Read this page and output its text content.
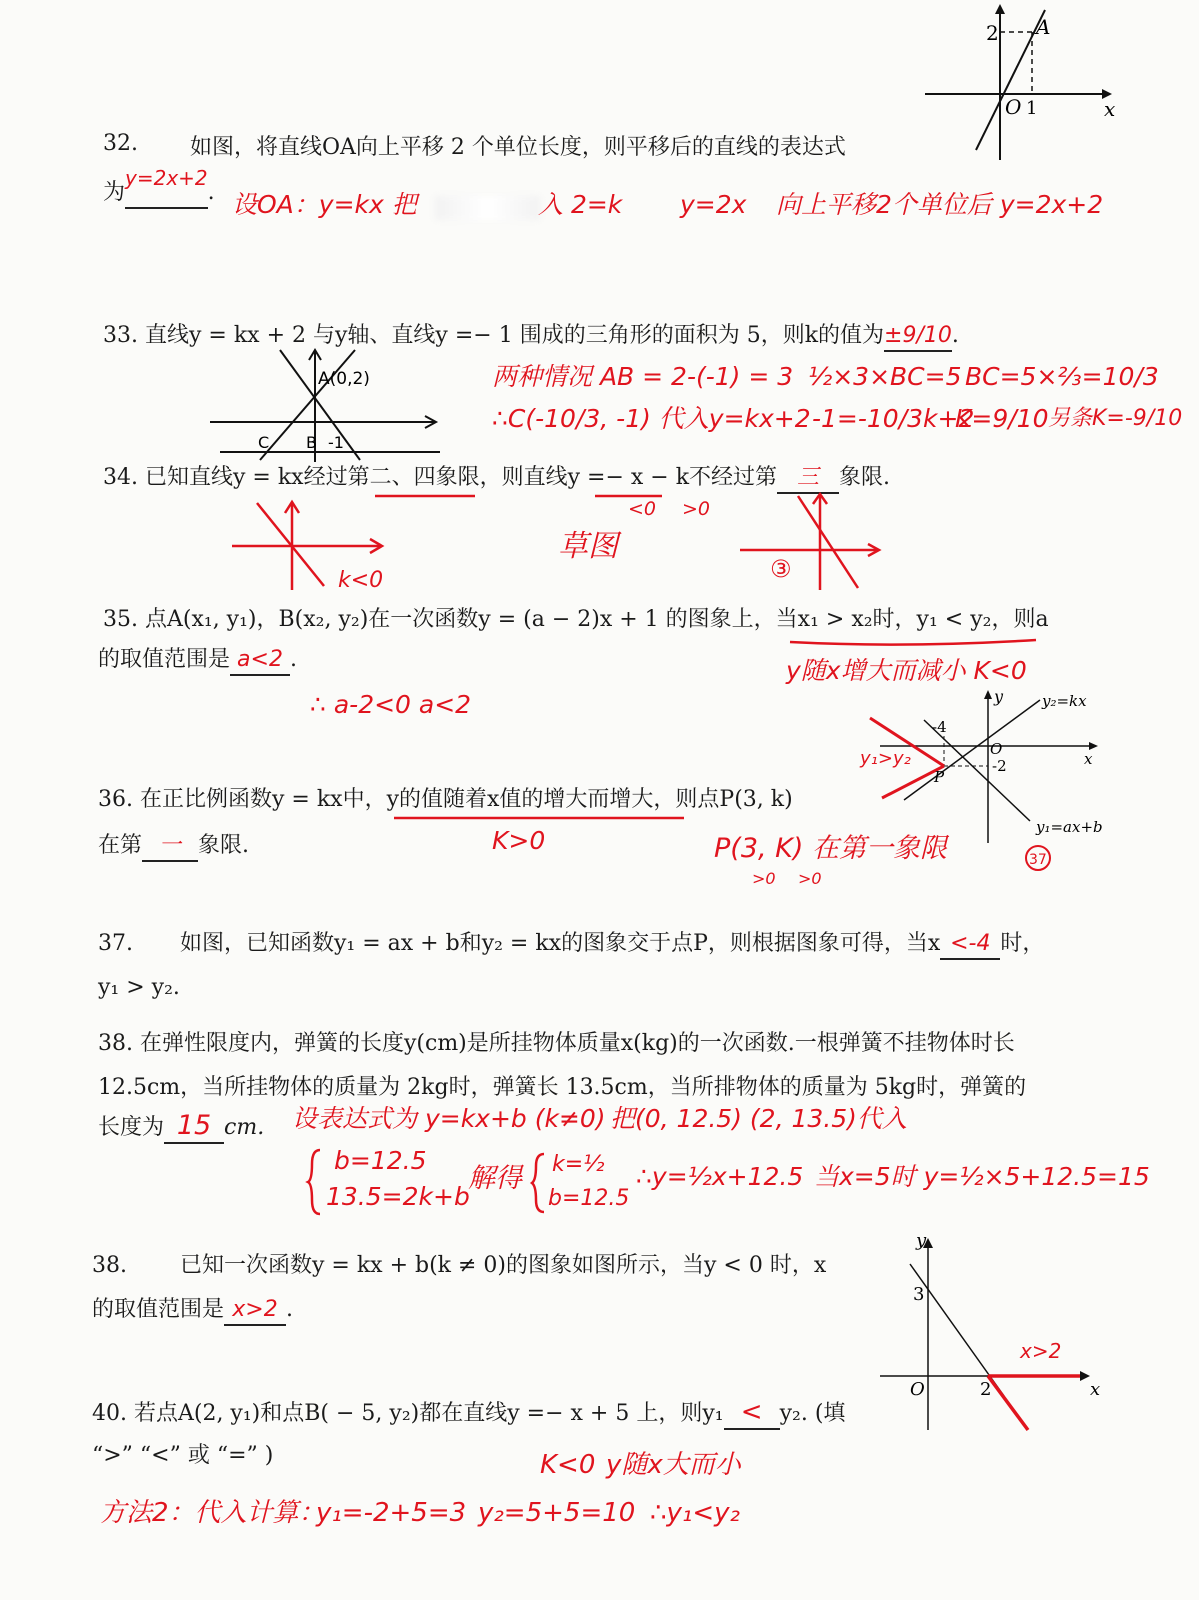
2 A
O 1	x
32. 如图，将直线OA向上平移 2 个单位长度，则平移后的直线的表达式
为y=2x+2. 设OA：y=kx 把	入 2=k y=2x 向上平移2个单位后 y=2x+2
33. 直线y = kx + 2 与y轴、直线y =− 1 围成的三角形的面积为 5，则k的值为±9/10.
A(0,2)
C B -1
两种情况 AB = 2-(-1) = 3 ½×3×BC=5 BC=5×⅔=10/3
∴C(-10/3, -1) 代入y=kx+2 -1=-10/3k+2
K=9/10 另条K=-9/10
34. 已知直线y = kx经过第二、四象限，则直线y =− x − k不经过第 三 象限.
<0 >0
k<0
草图
③
35. 点A(x₁, y₁)，B(x₂, y₂)在一次函数y = (a − 2)x + 1 的图象上，当x₁ > x₂时，y₁ < y₂，则a
的取值范围是 a<2 .	y随x增大而减小 K<0
∴ a-2<0 a<2	y	y₂=kx
-4
O
x
-2
P
y₁=ax+b
y₁>y₂
37
36. 在正比例函数y = kx中，y的值随着x值的增大而增大，则点P(3, k)
在第 一 象限.	K>0	P(3, K) 在第一象限
>0 >0
37. 如图，已知函数y₁ = ax + b和y₂ = kx的图象交于点P，则根据图象可得，当x <-4 时，
y₁ > y₂.
38. 在弹性限度内，弹簧的长度y(cm)是所挂物体质量x(kg)的一次函数.一根弹簧不挂物体时长
12.5cm，当所挂物体的质量为 2kg时，弹簧长 13.5cm，当所排物体的质量为 5kg时，弹簧的
长度为 15 cm. 设表达式为 y=kx+b (k≠0) 把(0, 12.5) (2, 13.5)代入
b=12.5
13.5=2k+b
解得 k=½
b=12.5
∴y=½x+12.5 当x=5时 y=½×5+12.5=15
y
3
O	2	x
x>2
38. 已知一次函数y = kx + b(k ≠ 0)的图象如图所示，当y < 0 时，x
的取值范围是 x>2 .
40. 若点A(2, y₁)和点B( − 5, y₂)都在直线y =− x + 5 上，则y₁ < y₂. (填
“>” “<” 或 “=” )	K<0 y随x大而小
方法2：代入计算：
y₁=-2+5=3 y₂=5+5=10 ∴y₁<y₂
